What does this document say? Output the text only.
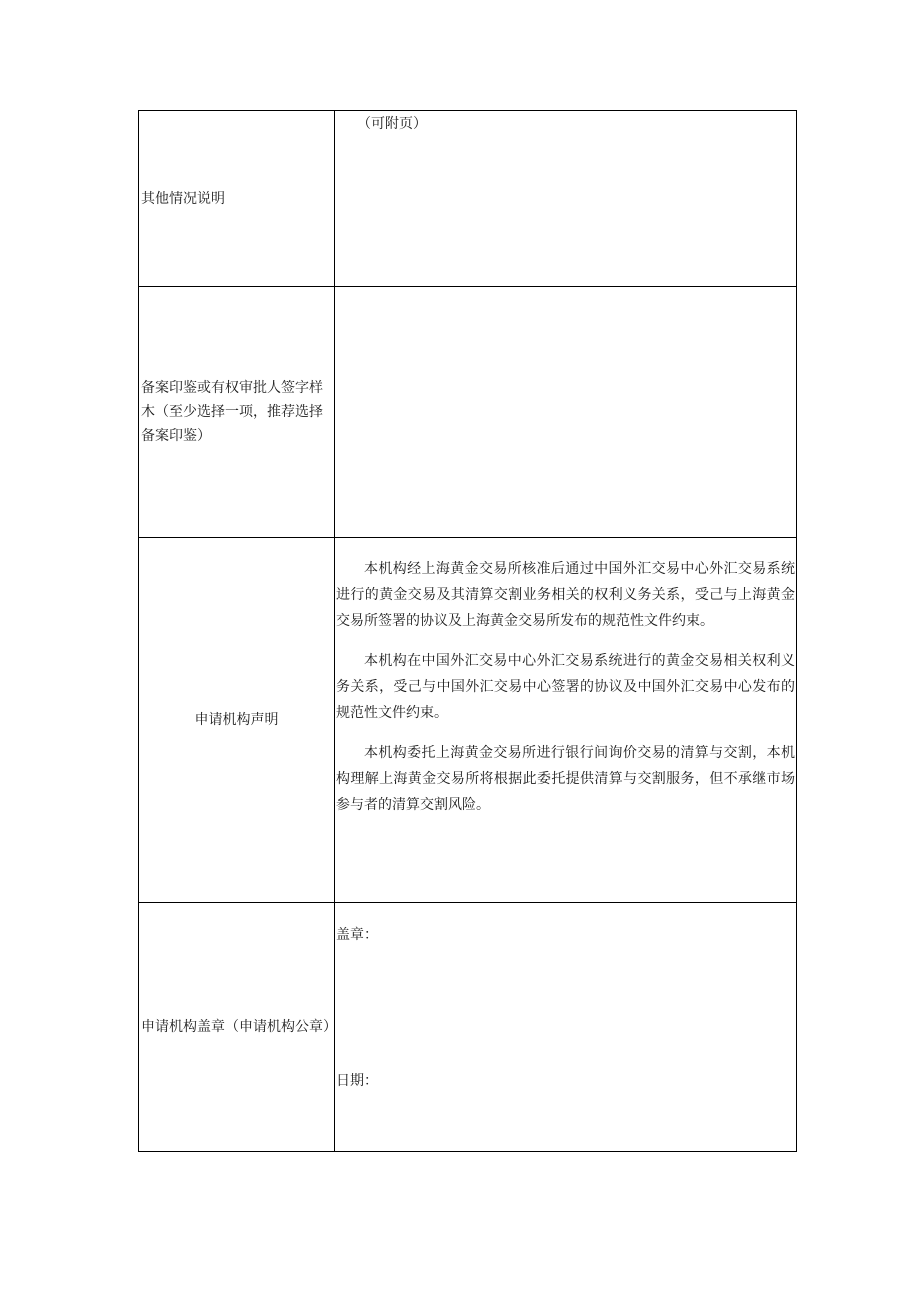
其他情况说明	（可附页）

备案印鉴或有权审批人签字样木（至少选择一项，推荐选择备案印鉴）	
申请机构声明	本机构经上海黄金交易所核准后通过中国外汇交易中心外汇交易系统进行的黄金交易及其清算交割业务相关的权利义务关系，受己与上海黄金交易所签署的协议及上海黄金交易所发布的规范性文件约束。

本机构在中国外汇交易中心外汇交易系统进行的黄金交易相关权利义务关系，受己与中国外汇交易中心签署的协议及中国外汇交易中心发布的规范性文件约束。

本机构委托上海黄金交易所进行银行间询价交易的清算与交割，本机构理解上海黄金交易所将根据此委托提供清算与交割服务，但不承继市场参与者的清算交割风险。

申请机构盖章（申请机构公章）	盖章：
日期：
